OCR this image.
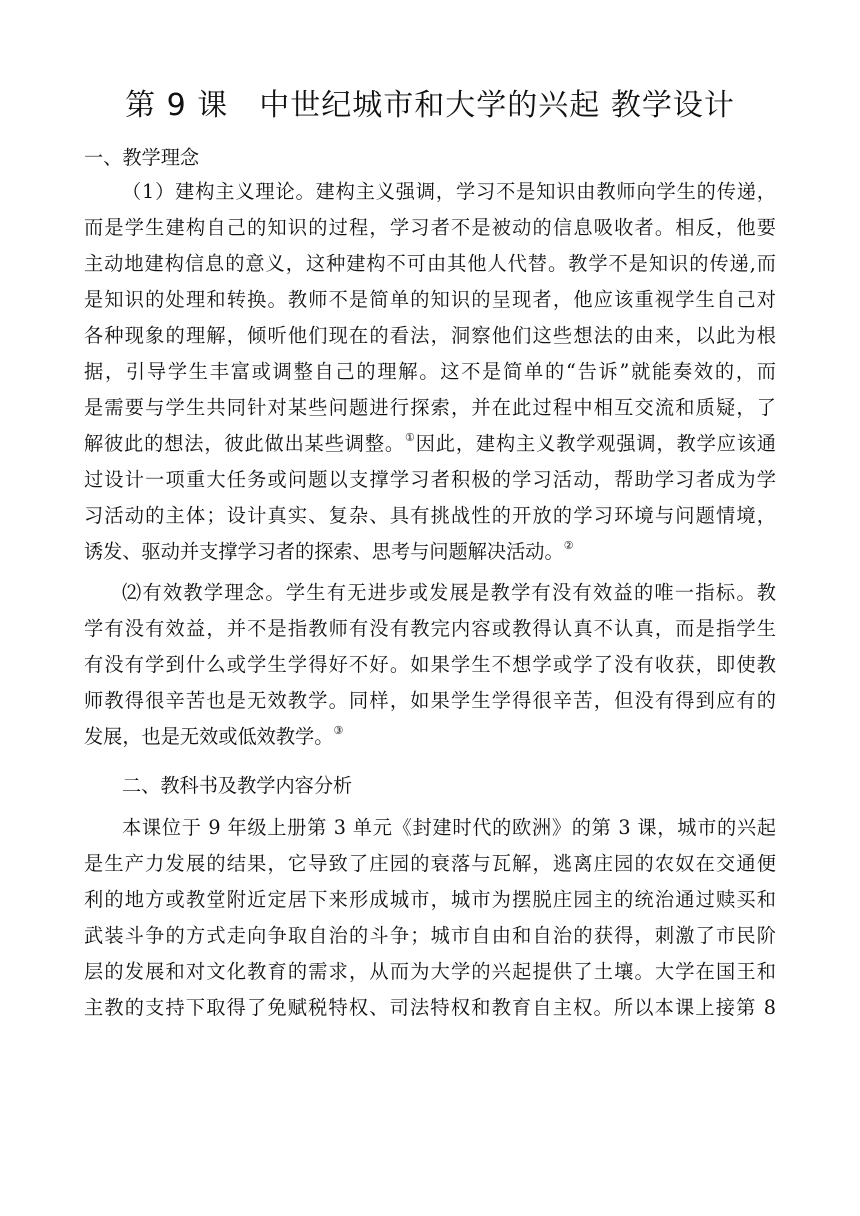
第 9 课　中世纪城市和大学的兴起 教学设计
一、教学理念
（1）建构主义理论。建构主义强调，学习不是知识由教师向学生的传递，
而是学生建构自己的知识的过程，学习者不是被动的信息吸收者。相反，他要
主动地建构信息的意义，这种建构不可由其他人代替。教学不是知识的传递,而
是知识的处理和转换。教师不是简单的知识的呈现者，他应该重视学生自己对
各种现象的理解，倾听他们现在的看法，洞察他们这些想法的由来，以此为根
据，引导学生丰富或调整自己的理解。这不是简单的“告诉”就能奏效的，而
是需要与学生共同针对某些问题进行探索，并在此过程中相互交流和质疑，了
解彼此的想法，彼此做出某些调整。①因此，建构主义教学观强调，教学应该通
过设计一项重大任务或问题以支撑学习者积极的学习活动，帮助学习者成为学
习活动的主体；设计真实、复杂、具有挑战性的开放的学习环境与问题情境，
诱发、驱动并支撑学习者的探索、思考与问题解决活动。②
⑵有效教学理念。学生有无进步或发展是教学有没有效益的唯一指标。教
学有没有效益，并不是指教师有没有教完内容或教得认真不认真，而是指学生
有没有学到什么或学生学得好不好。如果学生不想学或学了没有收获，即使教
师教得很辛苦也是无效教学。同样，如果学生学得很辛苦，但没有得到应有的
发展，也是无效或低效教学。③
二、教科书及教学内容分析
本课位于 9 年级上册第 3 单元《封建时代的欧洲》的第 3 课，城市的兴起
是生产力发展的结果，它导致了庄园的衰落与瓦解，逃离庄园的农奴在交通便
利的地方或教堂附近定居下来形成城市，城市为摆脱庄园主的统治通过赎买和
武装斗争的方式走向争取自治的斗争；城市自由和自治的获得，刺激了市民阶
层的发展和对文化教育的需求，从而为大学的兴起提供了土壤。大学在国王和
主教的支持下取得了免赋税特权、司法特权和教育自主权。所以本课上接第 8
